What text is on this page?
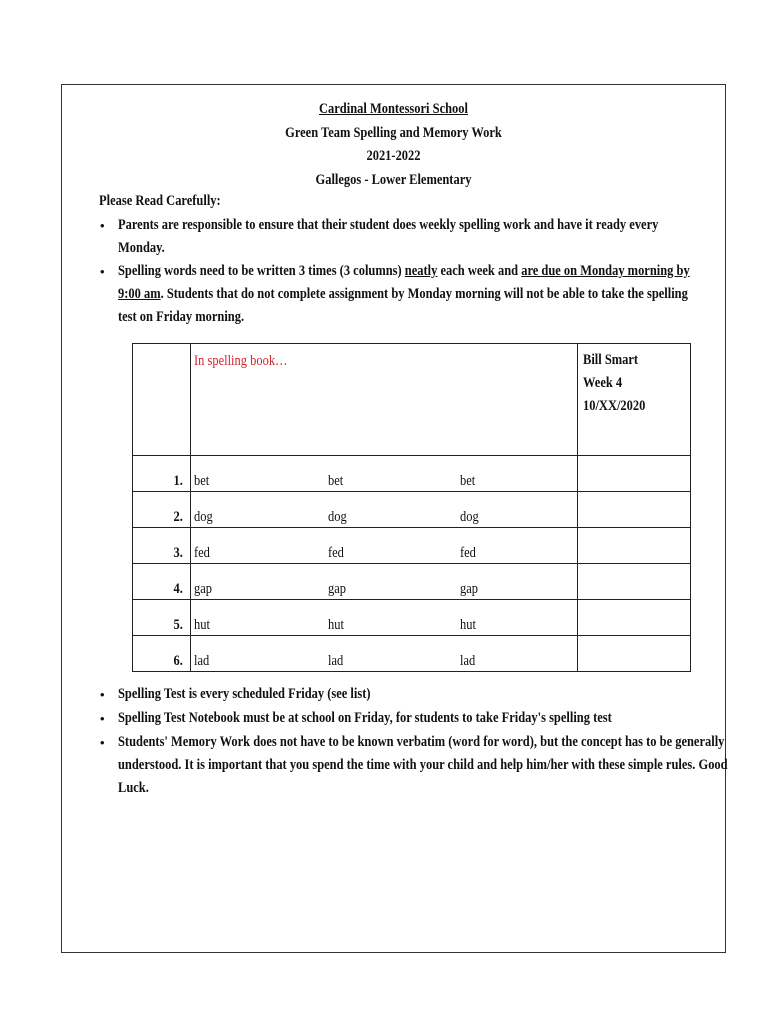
Cardinal Montessori School
Green Team Spelling and Memory Work
2021-2022
Gallegos - Lower Elementary
Please Read Carefully:
• Parents are responsible to ensure that their student does weekly spelling work and have it ready every
Monday.
• Spelling words need to be written 3 times (3 columns) neatly each week and are due on Monday morning by
9:00 am. Students that do not complete assignment by Monday morning will not be able to take the spelling
test on Friday morning.
In spelling book…	Bill Smart
Week 4
10/XX/2020
1. bet	bet	bet
2. dog	dog	dog
3. fed	fed	fed
4. gap	gap	gap
5. hut	hut	hut
6. lad	lad	lad
• Spelling Test is every scheduled Friday (see list)
• Spelling Test Notebook must be at school on Friday, for students to take Friday's spelling test
• Students' Memory Work does not have to be known verbatim (word for word), but the concept has to be generally
understood. It is important that you spend the time with your child and help him/her with these simple rules. Good
Luck.
